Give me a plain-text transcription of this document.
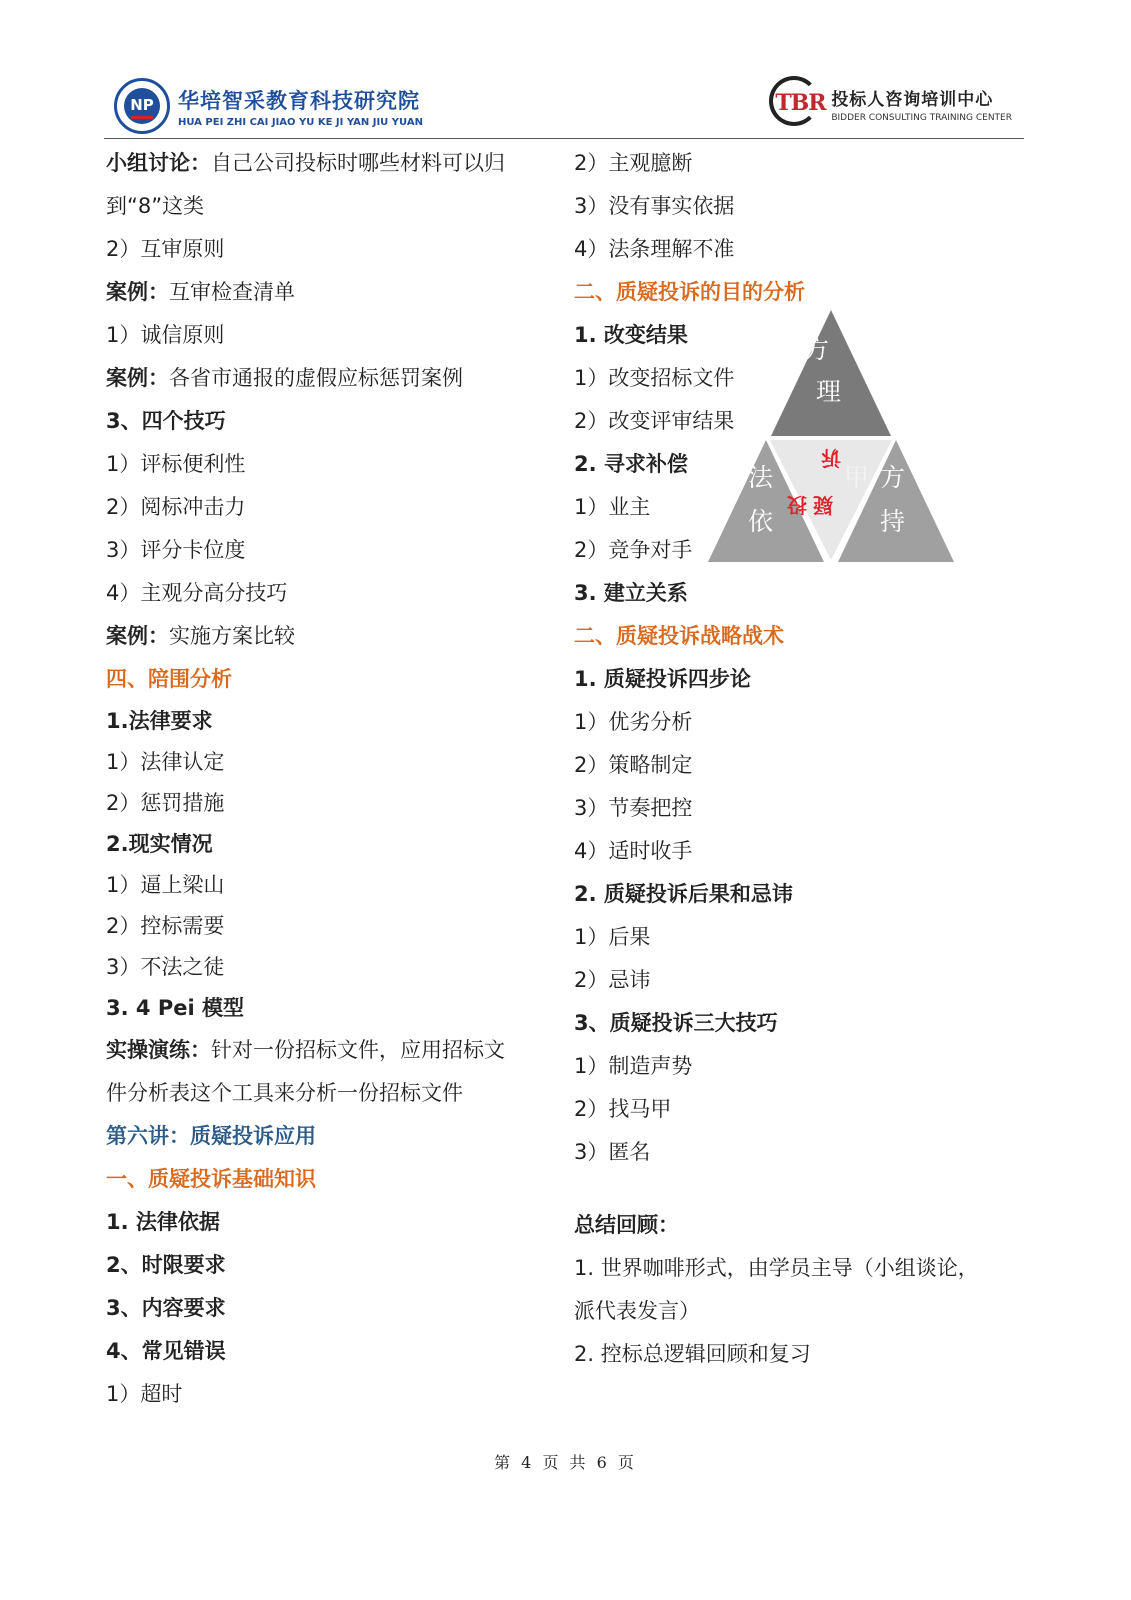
NP	华培智采教育科技研究院
HUA PEI ZHI CAI JIAO YU KE JI YAN JIU YUAN
TBR 投标人咨询培训中心
BIDDER CONSULTING TRAINING CENTER
小组讨论：自己公司投标时哪些材料可以归
到“8”这类
2）互审原则
案例：互审检查清单
1）诚信原则
案例：各省市通报的虚假应标惩罚案例
3、四个技巧
1）评标便利性
2）阅标冲击力
3）评分卡位度
4）主观分高分技巧
案例：实施方案比较
四、陪围分析
1.法律要求
1）法律认定
2）惩罚措施
2.现实情况
1）逼上梁山
2）控标需要
3）不法之徒
3. 4 Pei 模型
实操演练：针对一份招标文件，应用招标文
件分析表这个工具来分析一份招标文件
第六讲：质疑投诉应用
一、质疑投诉基础知识
1. 法律依据
2、时限要求
3、内容要求
4、常见错误
1）超时
2）主观臆断
3）没有事实依据
4）法条理解不准
二、质疑投诉的目的分析
1. 改变结果
1）改变招标文件
2）改变评审结果
2. 寻求补偿
1）业主
2）竞争对手
3. 建立关系
二、质疑投诉战略战术
1. 质疑投诉四步论
1）优劣分析
2）策略制定
3）节奏把控
4）适时收手
2. 质疑投诉后果和忌讳
1）后果
2）忌讳
3、质疑投诉三大技巧
1）制造声势
2）找马甲
3）匿名
总结回顾：
1. 世界咖啡形式，由学员主导（小组谈论，
派代表发言）
2. 控标总逻辑回顾和复习
方
理
法
依
甲 方
持
诉
疑
投
第 4 页 共 6 页
